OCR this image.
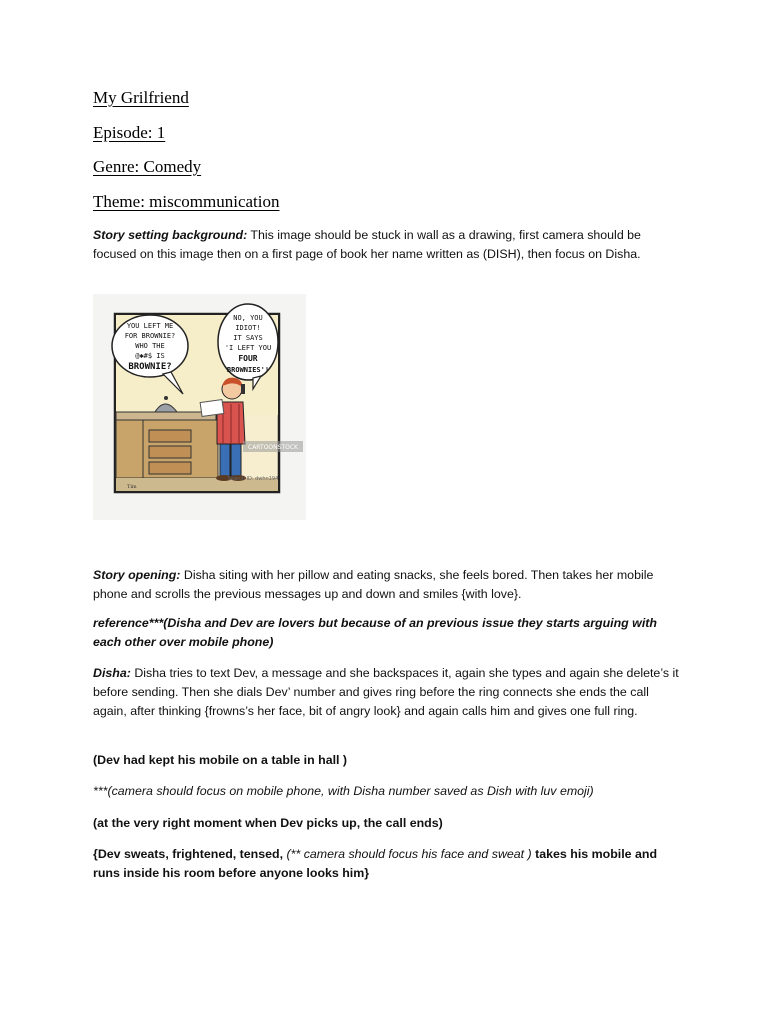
My Grilfriend
Episode: 1
Genre: Comedy
Theme: miscommunication

Story setting background: This image should be stuck in wall as a drawing, first camera should be focused on this image then on a first page of book her name written as (DISH), then focus on Disha.

YOU LEFT ME
FOR BROWNIE?
WHO THE
@✱#$ IS
BROWNIE?
NO, YOU
IDIOT!
IT SAYS
'I LEFT YOU
FOUR
BROWNIES'!
CARTOONSTOCK
Search ID: dwhn194
Tim

Story opening: Disha siting with her pillow and eating snacks, she feels bored. Then takes her mobile phone and scrolls the previous messages up and down and smiles {with love}.

reference***(Disha and Dev are lovers but because of an previous issue they starts arguing with each other over mobile phone)

Disha: Disha tries to text Dev, a message and she backspaces it, again she types and again she delete’s it before sending. Then she dials Dev’ number and gives ring before the ring connects she ends the call again, after thinking {frowns’s her face, bit of angry look} and again calls him and gives one full ring.

(Dev had kept his mobile on a table in hall )

***(camera should focus on mobile phone, with Disha number saved as Dish with luv emoji)

(at the very right moment when Dev picks up, the call ends)

{Dev sweats, frightened, tensed, (** camera should focus his face and sweat ) takes his mobile and runs inside his room before anyone looks him}
